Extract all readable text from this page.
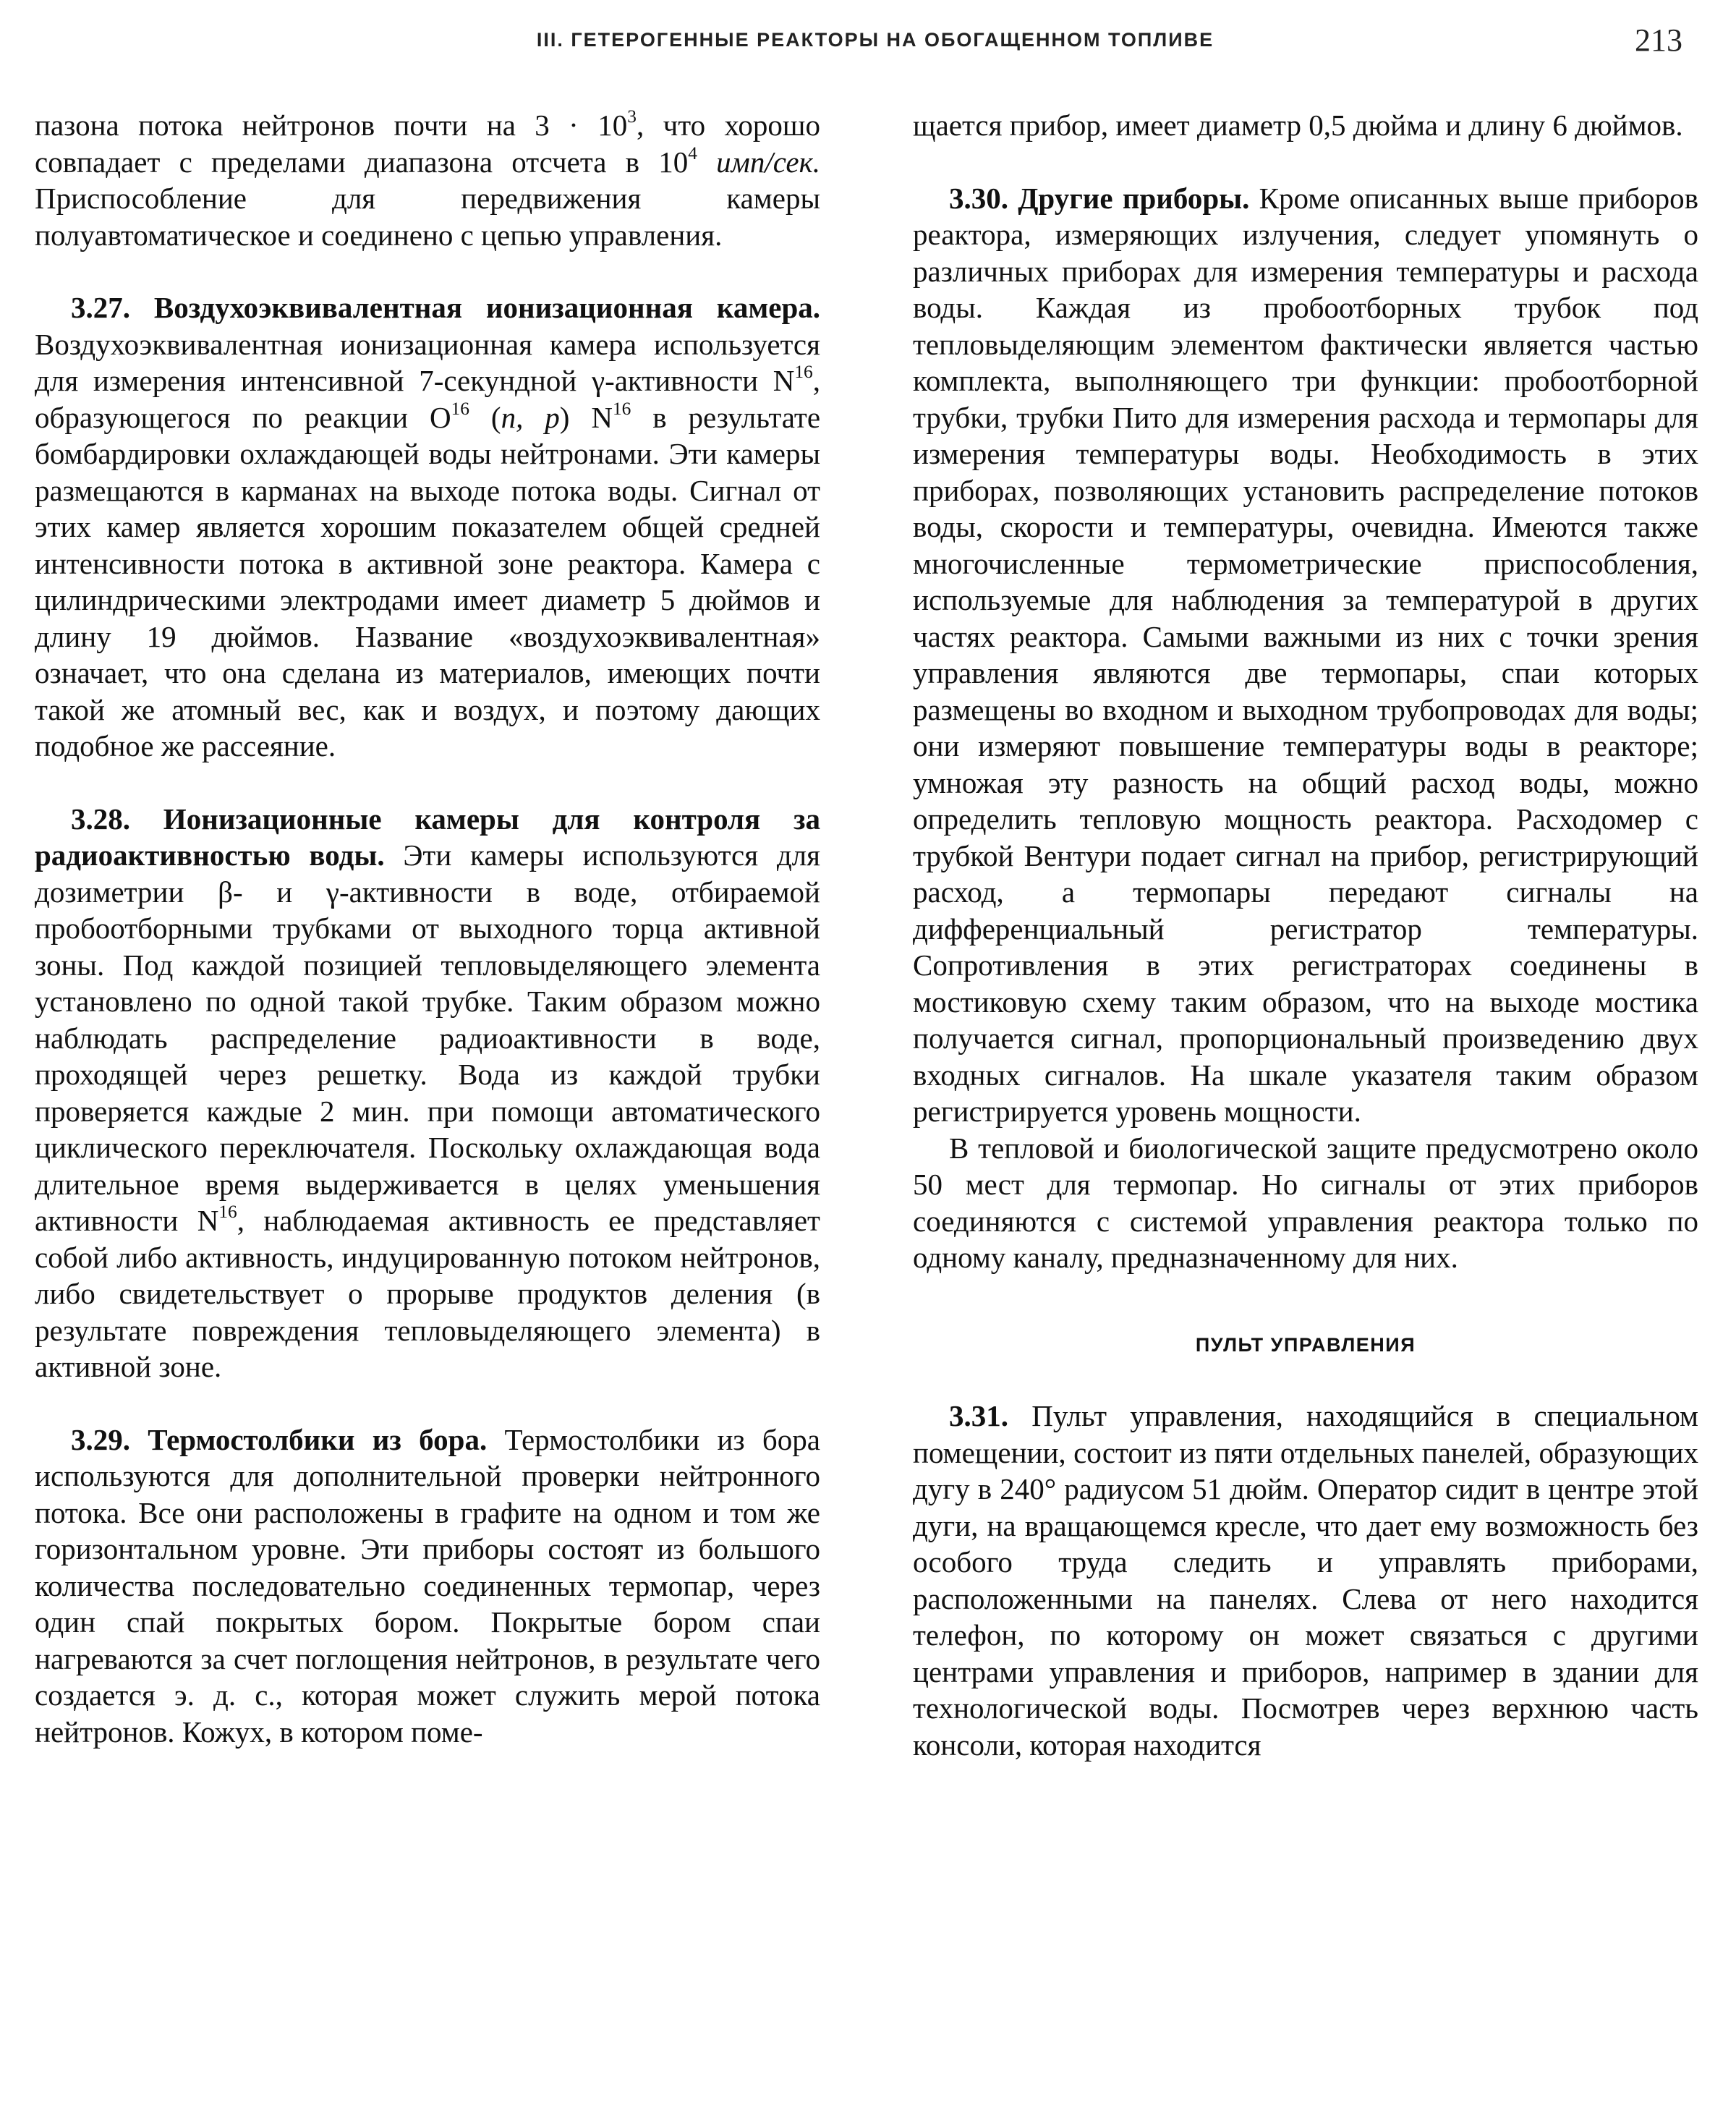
III. ГЕТЕРОГЕННЫЕ РЕАКТОРЫ НА ОБОГАЩЕННОМ ТОПЛИВЕ	213

пазона потока нейтронов почти на $3 \cdot 10^3$, что хорошо совпадает с пределами диапазона отсчета в $10^4$ имп/сек. Приспособление для передвижения камеры полуавтоматическое и соединено с цепью управления.

3.27. Воздухоэквивалентная ионизационная камера. Воздухоэквивалентная ионизационная камера используется для измерения интенсивной 7-секундной γ-активности $N^{16}$, образующегося по реакции $O^{16}$ (n, p) $N^{16}$ в результате бомбардировки охлаждающей воды нейтронами. Эти камеры размещаются в карманах на выходе потока воды. Сигнал от этих камер является хорошим показателем общей средней интенсивности потока в активной зоне реактора. Камера с цилиндрическими электродами имеет диаметр 5 дюймов и длину 19 дюймов. Название «воздухоэквивалентная» означает, что она сделана из материалов, имеющих почти такой же атомный вес, как и воздух, и поэтому дающих подобное же рассеяние.

3.28. Ионизационные камеры для контроля за радиоактивностью воды. Эти камеры используются для дозиметрии β- и γ-активности в воде, отбираемой пробоотборными трубками от выходного торца активной зоны. Под каждой позицией тепловыделяющего элемента установлено по одной такой трубке. Таким образом можно наблюдать распределение радиоактивности в воде, проходящей через решетку. Вода из каждой трубки проверяется каждые 2 мин. при помощи автоматического циклического переключателя. Поскольку охлаждающая вода длительное время выдерживается в целях уменьшения активности $N^{16}$, наблюдаемая активность ее представляет собой либо активность, индуцированную потоком нейтронов, либо свидетельствует о прорыве продуктов деления (в результате повреждения тепловыделяющего элемента) в активной зоне.

3.29. Термостолбики из бора. Термостолбики из бора используются для дополнительной проверки нейтронного потока. Все они расположены в графите на одном и том же горизонтальном уровне. Эти приборы состоят из большого количества последовательно соединенных термопар, через один спай покрытых бором. Покрытые бором спаи нагреваются за счет поглощения нейтронов, в результате чего создается э. д. с., которая может служить мерой потока нейтронов. Кожух, в котором поме-

щается прибор, имеет диаметр 0,5 дюйма и длину 6 дюймов.

3.30. Другие приборы. Кроме описанных выше приборов реактора, измеряющих излучения, следует упомянуть о различных приборах для измерения температуры и расхода воды. Каждая из пробоотборных трубок под тепловыделяющим элементом фактически является частью комплекта, выполняющего три функции: пробоотборной трубки, трубки Пито для измерения расхода и термопары для измерения температуры воды. Необходимость в этих приборах, позволяющих установить распределение потоков воды, скорости и температуры, очевидна. Имеются также многочисленные термометрические приспособления, используемые для наблюдения за температурой в других частях реактора. Самыми важными из них с точки зрения управления являются две термопары, спаи которых размещены во входном и выходном трубопроводах для воды; они измеряют повышение температуры воды в реакторе; умножая эту разность на общий расход воды, можно определить тепловую мощность реактора. Расходомер с трубкой Вентури подает сигнал на прибор, регистрирующий расход, а термопары передают сигналы на дифференциальный регистратор температуры. Сопротивления в этих регистраторах соединены в мостиковую схему таким образом, что на выходе мостика получается сигнал, пропорциональный произведению двух входных сигналов. На шкале указателя таким образом регистрируется уровень мощности.

В тепловой и биологической защите предусмотрено около 50 мест для термопар. Но сигналы от этих приборов соединяются с системой управления реактора только по одному каналу, предназначенному для них.

ПУЛЬТ УПРАВЛЕНИЯ

3.31. Пульт управления, находящийся в специальном помещении, состоит из пяти отдельных панелей, образующих дугу в 240° радиусом 51 дюйм. Оператор сидит в центре этой дуги, на вращающемся кресле, что дает ему возможность без особого труда следить и управлять приборами, расположенными на панелях. Слева от него находится телефон, по которому он может связаться с другими центрами управления и приборов, например в здании для технологической воды. Посмотрев через верхнюю часть консоли, которая находится
